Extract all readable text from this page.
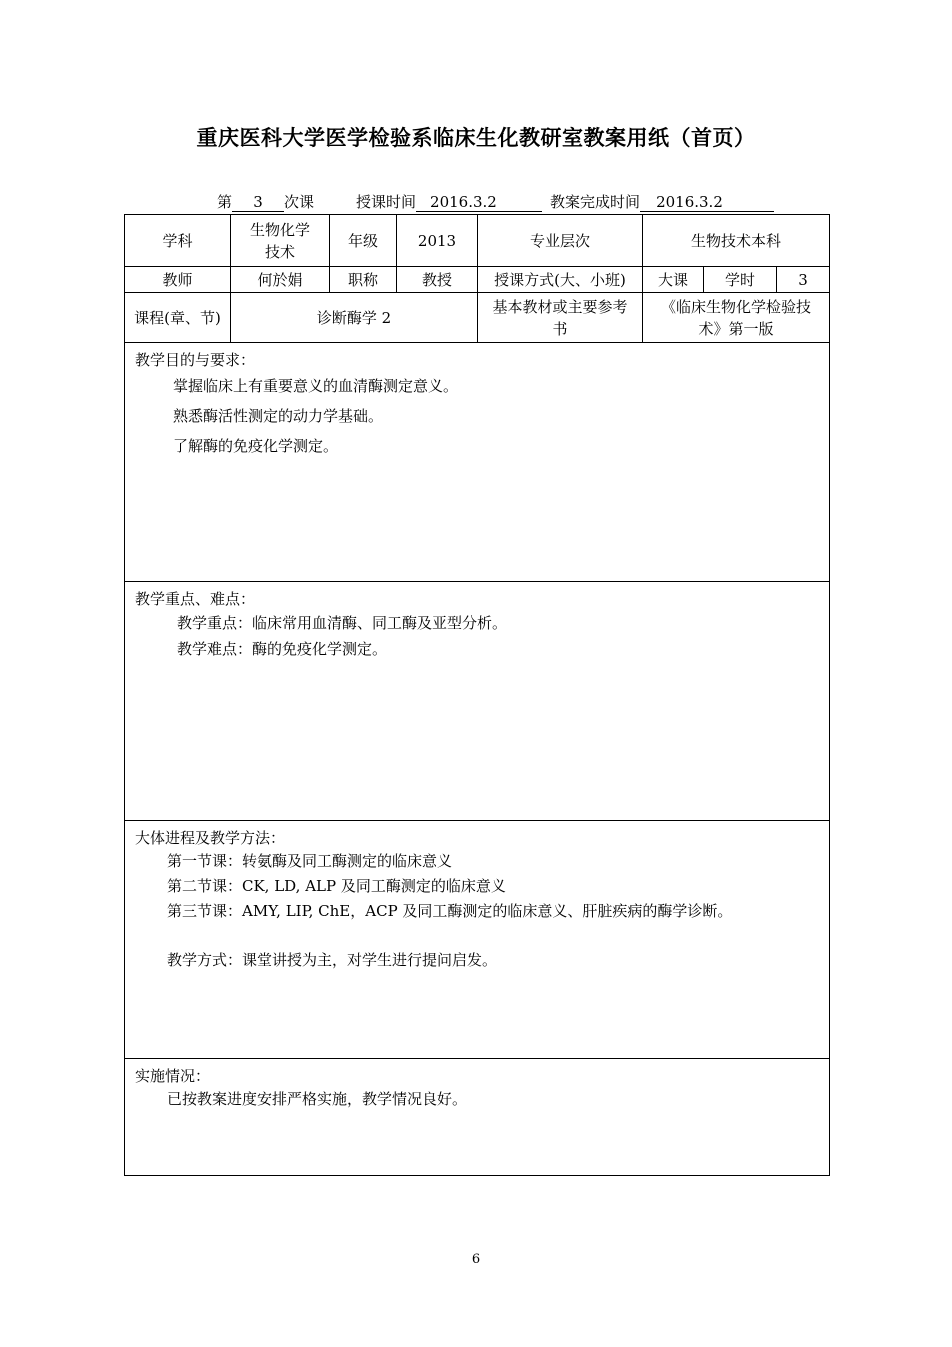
重庆医科大学医学检验系临床生化教研室教案用纸（首页）
第 3 次课	授课时间 2016.3.2	教案完成时间 2016.3.2
学科	生物化学技术	年级	2013	专业层次	生物技术本科		
教师	何於娟	职称	教授	授课方式(大、小班)	大课	学时	3
课程(章、节)	诊断酶学 2			基本教材或主要参考书	《临床生物化学检验技术》第一版		

教学目的与要求：
掌握临床上有重要意义的血清酶测定意义。
熟悉酶活性测定的动力学基础。
了解酶的免疫化学测定。							

教学重点、难点：
教学重点：临床常用血清酶、同工酶及亚型分析。
教学难点：酶的免疫化学测定。							

大体进程及教学方法：
第一节课：转氨酶及同工酶测定的临床意义
第二节课：CK, LD, ALP 及同工酶测定的临床意义
第三节课：AMY, LIP, ChE，ACP 及同工酶测定的临床意义、肝脏疾病的酶学诊断。
教学方式：课堂讲授为主，对学生进行提问启发。							

实施情况：
已按教案进度安排严格实施，教学情况良好。							
6
